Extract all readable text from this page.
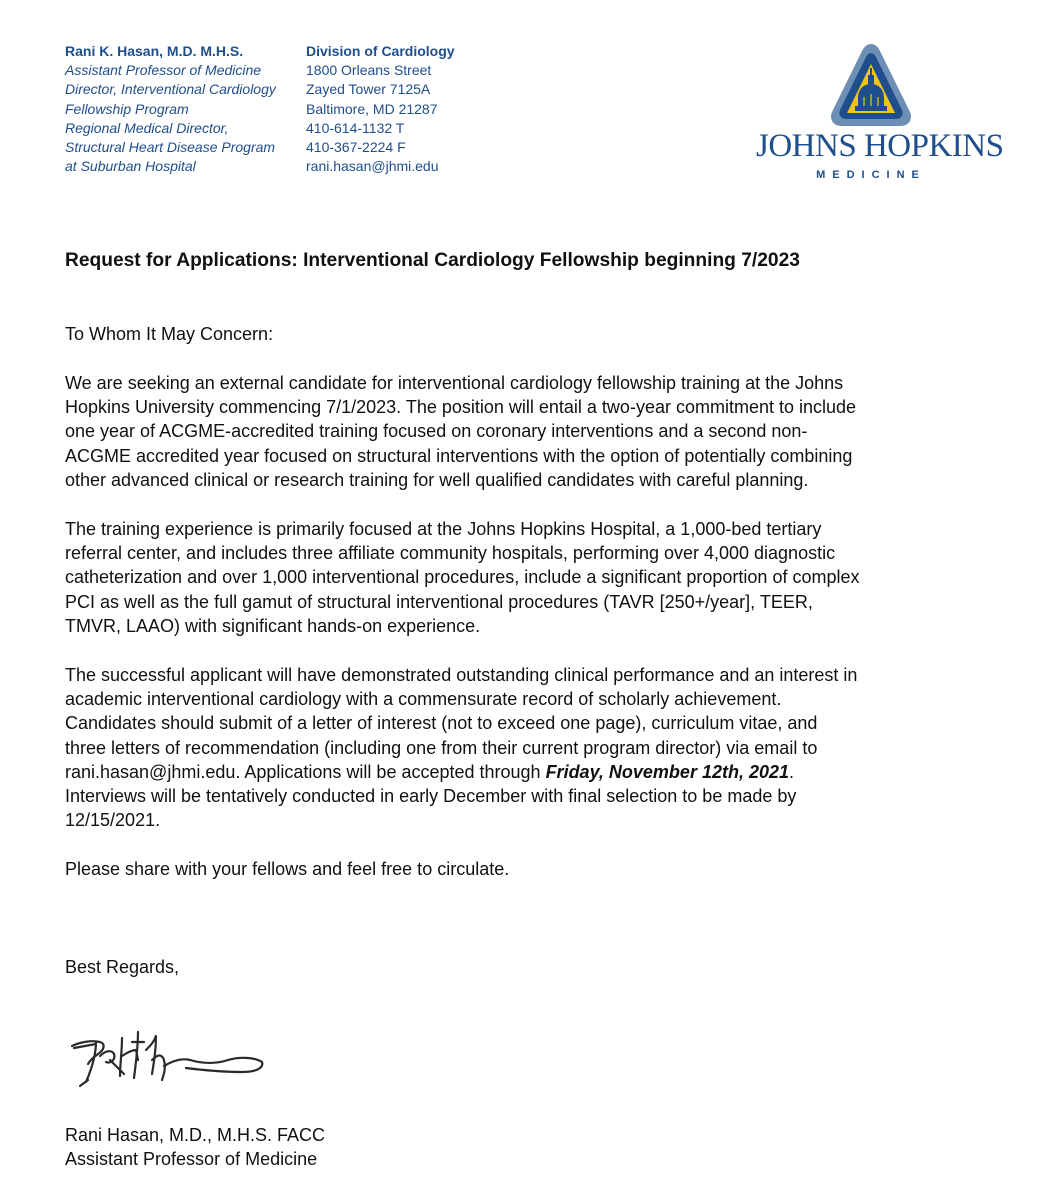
Rani K. Hasan, M.D. M.H.S.
Assistant Professor of Medicine
Director, Interventional Cardiology
Fellowship Program
Regional Medical Director,
Structural Heart Disease Program
at Suburban Hospital
Division of Cardiology
1800 Orleans Street
Zayed Tower 7125A
Baltimore, MD 21287
410-614-1132 T
410-367-2224 F
rani.hasan@jhmi.edu
JOHNS HOPKINS
MEDICINE
Request for Applications: Interventional Cardiology Fellowship beginning 7/2023
To Whom It May Concern:
We are seeking an external candidate for interventional cardiology fellowship training at the Johns
Hopkins University commencing 7/1/2023. The position will entail a two-year commitment to include
one year of ACGME-accredited training focused on coronary interventions and a second non-
ACGME accredited year focused on structural interventions with the option of potentially combining
other advanced clinical or research training for well qualified candidates with careful planning.
The training experience is primarily focused at the Johns Hopkins Hospital, a 1,000-bed tertiary
referral center, and includes three affiliate community hospitals, performing over 4,000 diagnostic
catheterization and over 1,000 interventional procedures, include a significant proportion of complex
PCI as well as the full gamut of structural interventional procedures (TAVR [250+/year], TEER,
TMVR, LAAO) with significant hands-on experience.
The successful applicant will have demonstrated outstanding clinical performance and an interest in
academic interventional cardiology with a commensurate record of scholarly achievement.
Candidates should submit of a letter of interest (not to exceed one page), curriculum vitae, and
three letters of recommendation (including one from their current program director) via email to
rani.hasan@jhmi.edu. Applications will be accepted through Friday, November 12th, 2021.
Interviews will be tentatively conducted in early December with final selection to be made by
12/15/2021.
Please share with your fellows and feel free to circulate.
Best Regards,
Rani Hasan, M.D., M.H.S. FACC
Assistant Professor of Medicine
